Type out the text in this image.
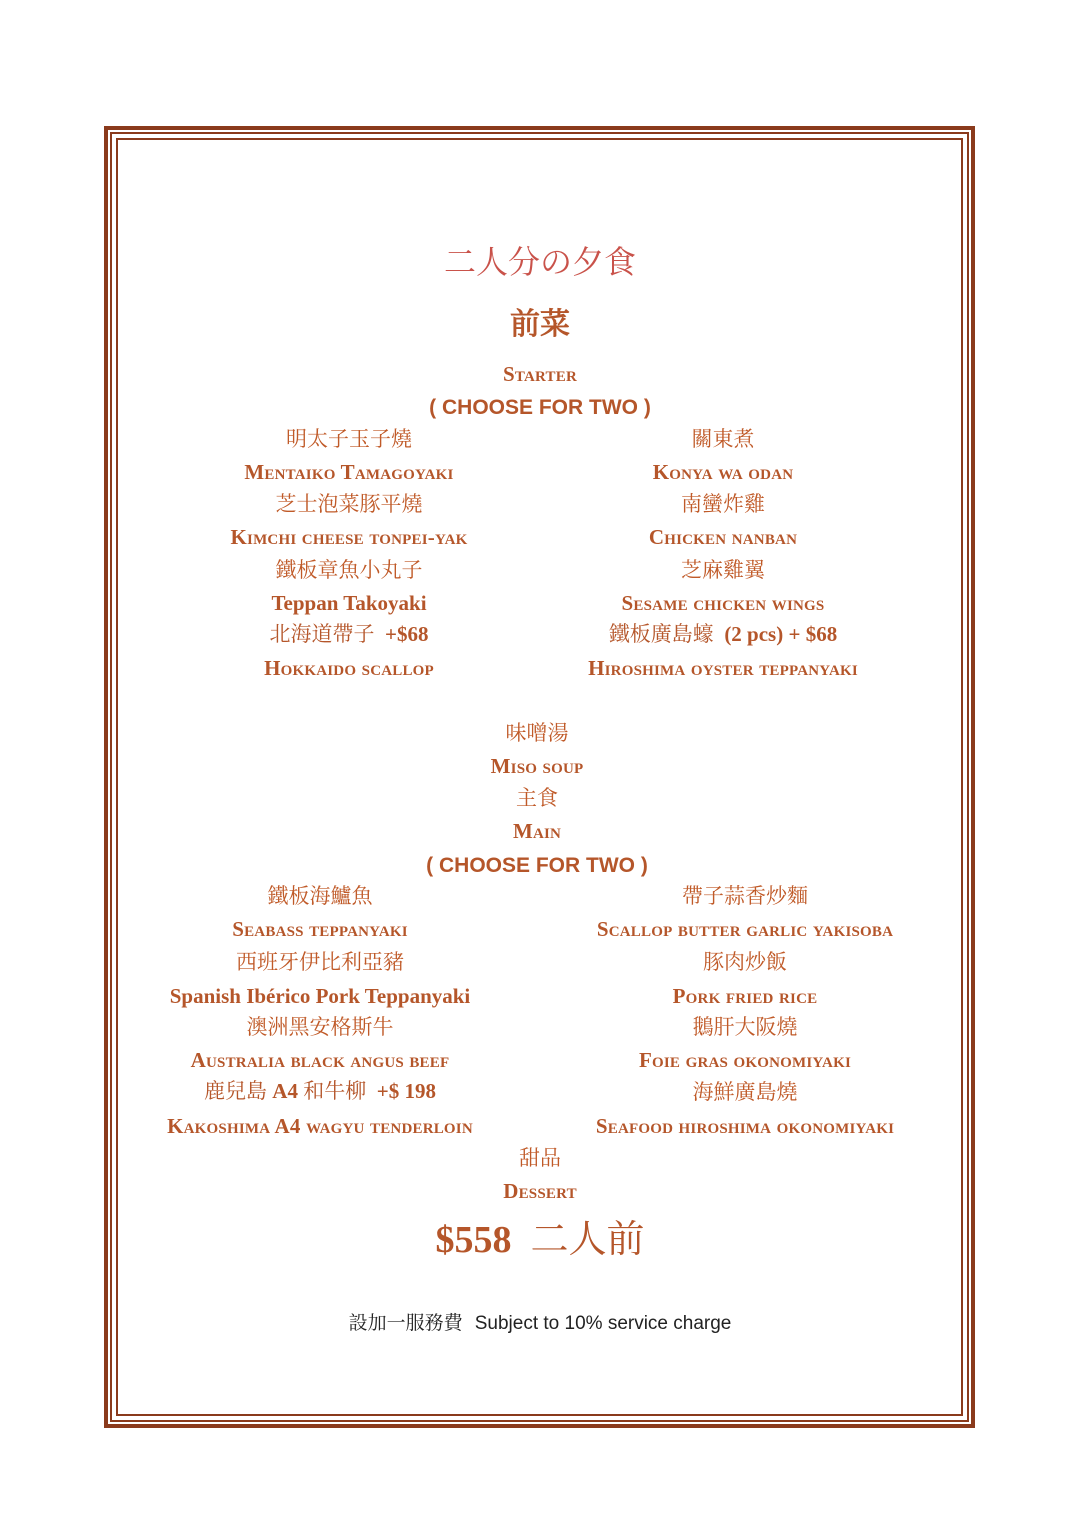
二人分の夕食
前菜
Starter
( CHOOSE FOR TWO )
明太子玉子燒
Mentaiko Tamagoyaki
芝士泡菜豚平燒
Kimchi cheese tonpei-yak
鐵板章魚小丸子
Teppan Takoyaki
北海道帶子 +$68
Hokkaido scallop
關東煮
Konya wa odan
南蠻炸雞
Chicken nanban
芝麻雞翼
Sesame chicken wings
鐵板廣島蠔 (2 pcs) + $68
Hiroshima oyster teppanyaki
味噌湯
Miso soup
主食
Main
( CHOOSE FOR TWO )
鐵板海鱸魚
Seabass teppanyaki
西班牙伊比利亞豬
Spanish Ibérico Pork Teppanyaki
澳洲黑安格斯牛
Australia black angus beef
鹿兒島 A4 和牛柳 +$ 198
Kakoshima A4 wagyu tenderloin
帶子蒜香炒麵
Scallop butter garlic yakisoba
豚肉炒飯
Pork fried rice
鵝肝大阪燒
Foie gras okonomiyaki
海鮮廣島燒
Seafood hiroshima okonomiyaki
甜品
Dessert
$558 二人前
設加一服務費 Subject to 10% service charge
